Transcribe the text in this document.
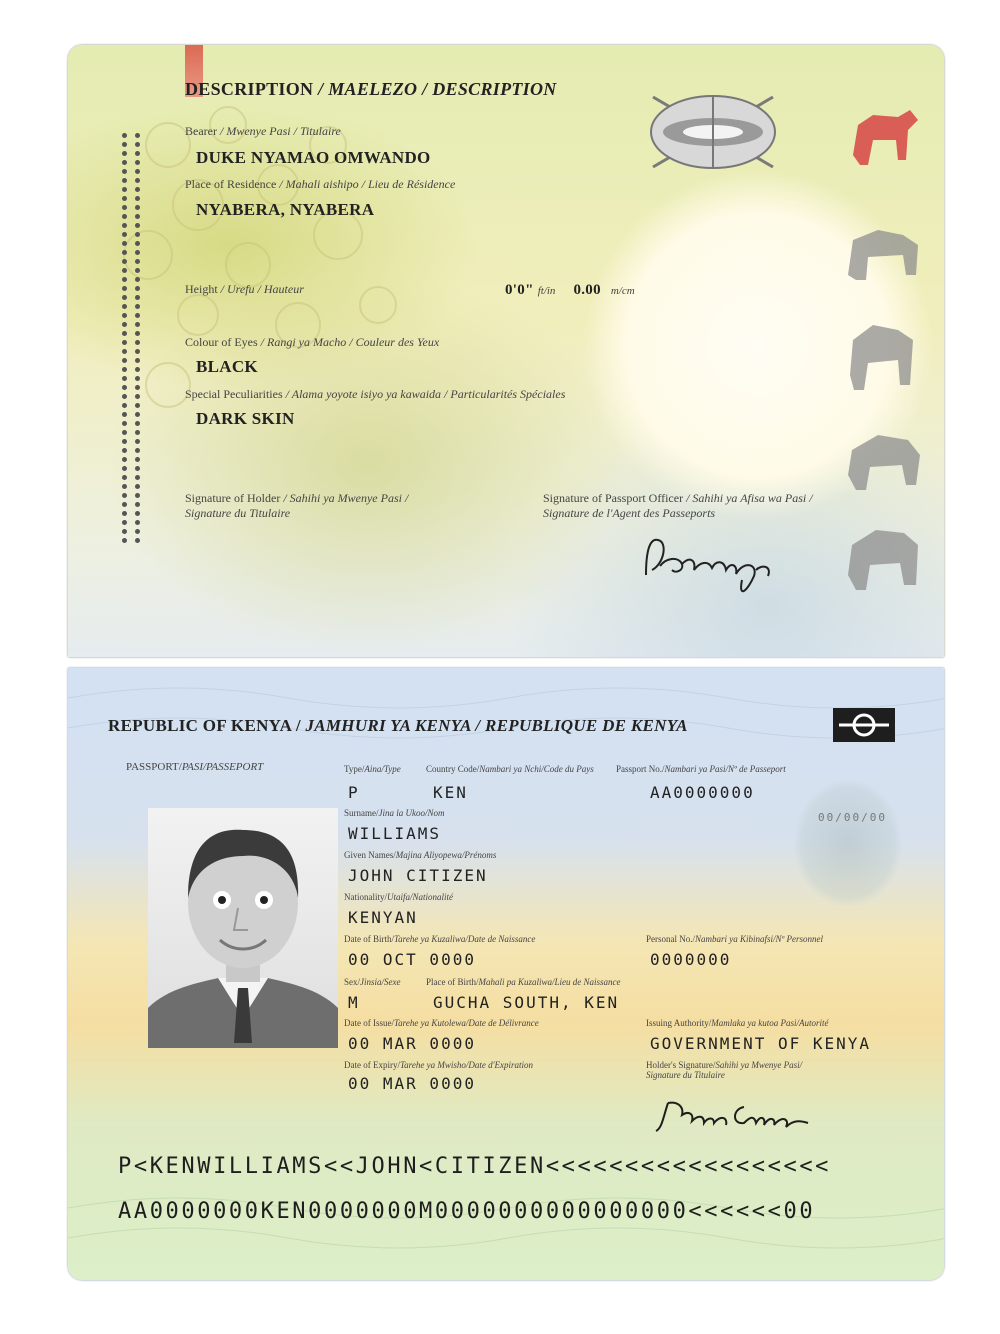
DESCRIPTION / MAELEZO / DESCRIPTION
Bearer / Mwenye Pasi / Titulaire
DUKE NYAMAO OMWANDO
Place of Residence / Mahali aishipo / Lieu de Résidence
NYABERA, NYABERA
Height / Urefu / Hauteur	0'0" ft/in 0.00 m/cm
Colour of Eyes / Rangi ya Macho / Couleur des Yeux
BLACK
Special Peculiarities / Alama yoyote isiyo ya kawaida / Particularités Spéciales
DARK SKIN
Signature of Holder / Sahihi ya Mwenye Pasi /
Signature du Titulaire
Signature of Passport Officer / Sahihi ya Afisa wa Pasi /
Signature de l'Agent des Passeports
REPUBLIC OF KENYA / JAMHURI YA KENYA / REPUBLIQUE DE KENYA
PASSPORT/PASI/PASSEPORT
00/00/00
Type/Aina/Type	Country Code/Nambari ya Nchi/Code du Pays Passport No./Nambari ya Pasi/Nº de Passeport
P	KEN	AA0000000
Surname/Jina la Ukoo/Nom
WILLIAMS
Given Names/Majina Aliyopewa/Prénoms
JOHN CITIZEN
Nationality/Utaifa/Nationalité
KENYAN
Date of Birth/Tarehe ya Kuzaliwa/Date de Naissance	Personal No./Nambari ya Kibinafsi/Nº Personnel
00 OCT 0000	0000000
Sex/Jinsia/Sexe	Place of Birth/Mahali pa Kuzaliwa/Lieu de Naissance
M	GUCHA SOUTH, KEN
Date of Issue/Tarehe ya Kutolewa/Date de Délivrance	Issuing Authority/Mamlaka ya kutoa Pasi/Autorité
00 MAR 0000	GOVERNMENT OF KENYA
Date of Expiry/Tarehe ya Mwisho/Date d'Expiration	Holder's Signature/Sahihi ya Mwenye Pasi/
Signature du Titulaire
00 MAR 0000
P<KENWILLIAMS<<JOHN<CITIZEN<<<<<<<<<<<<<<<<<<
AA0000000KEN0000000M0000000000000000<<<<<<00
